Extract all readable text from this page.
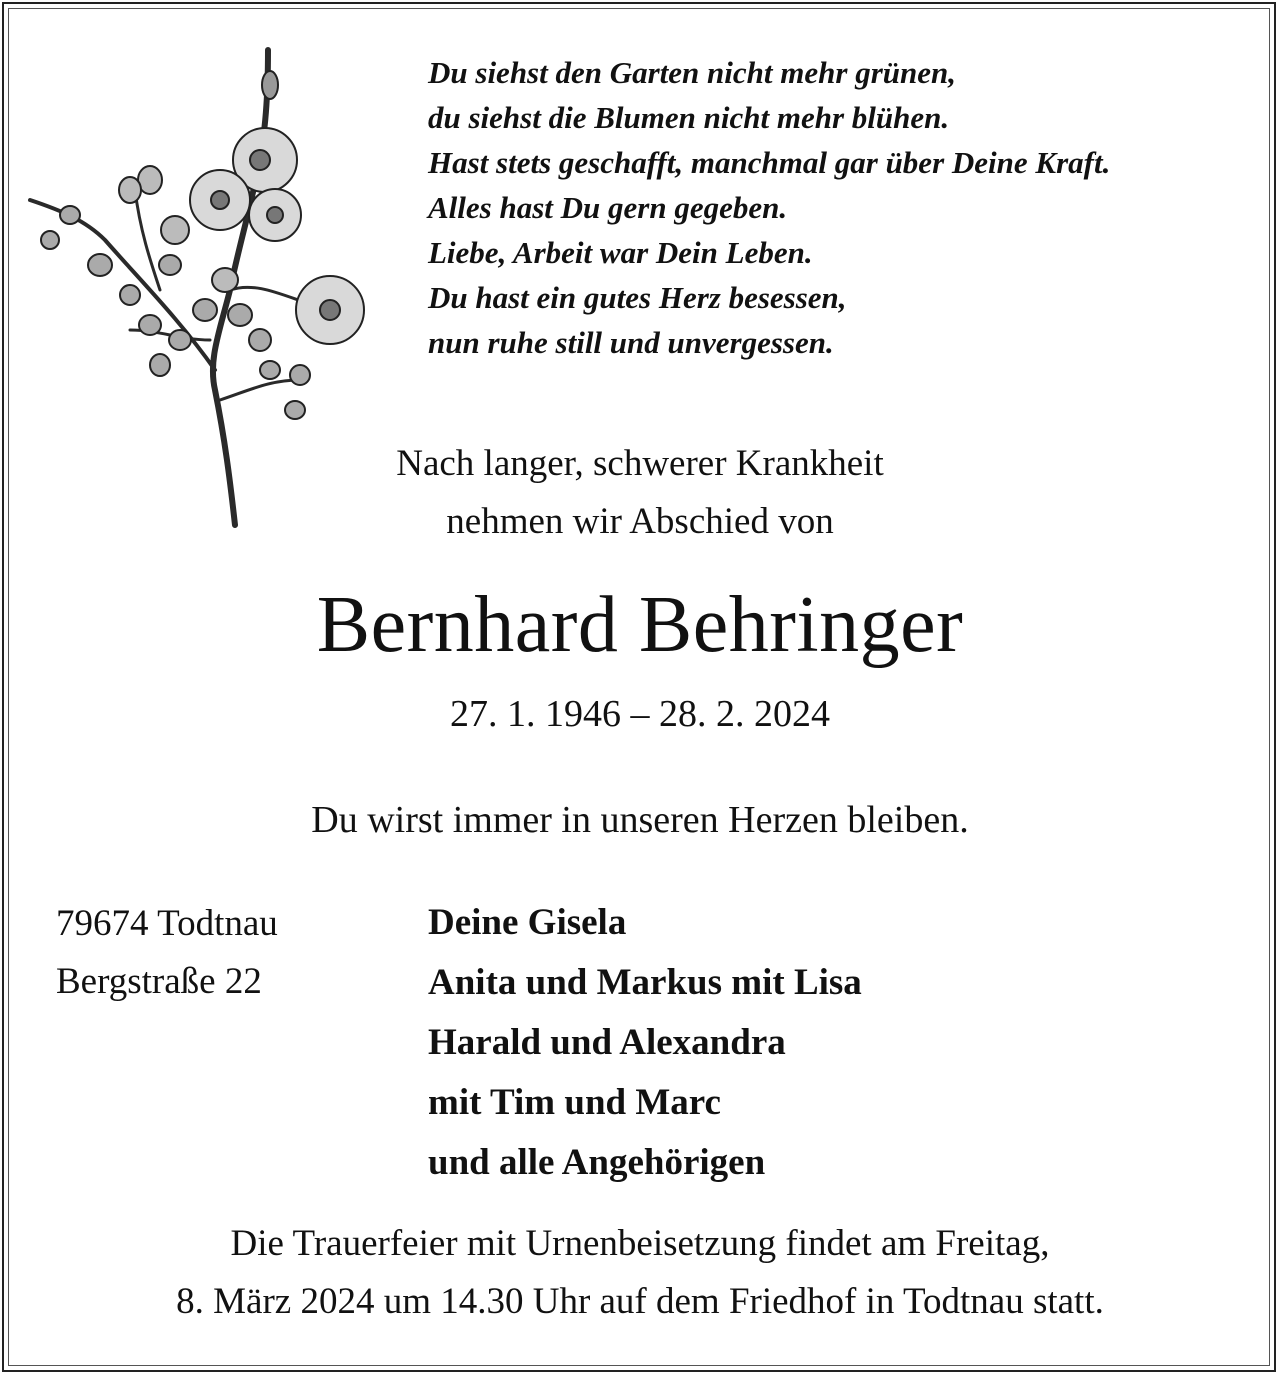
Du siehst den Garten nicht mehr grünen,
du siehst die Blumen nicht mehr blühen.
Hast stets geschafft, manchmal gar über Deine Kraft.
Alles hast Du gern gegeben.
Liebe, Arbeit war Dein Leben.
Du hast ein gutes Herz besessen,
nun ruhe still und unvergessen.
Nach langer, schwerer Krankheit
nehmen wir Abschied von
Bernhard Behringer
27. 1. 1946 – 28. 2. 2024
Du wirst immer in unseren Herzen bleiben.
79674 Todtnau
Bergstraße 22
Deine Gisela
Anita und Markus mit Lisa
Harald und Alexandra
mit Tim und Marc
und alle Angehörigen
Die Trauerfeier mit Urnenbeisetzung findet am Freitag,
8. März 2024 um 14.30 Uhr auf dem Friedhof in Todtnau statt.
